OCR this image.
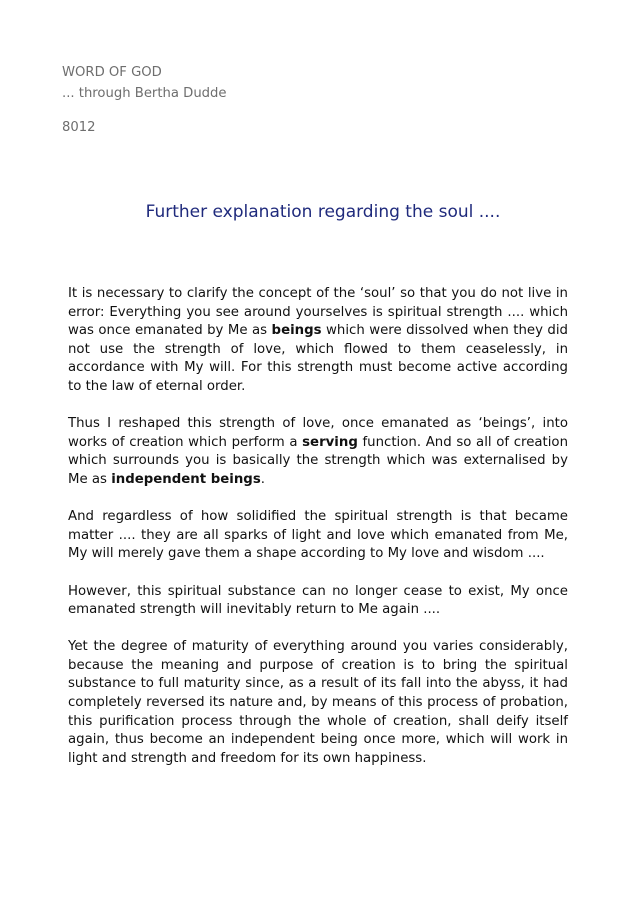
WORD OF GOD
... through Bertha Dudde
8012
Further explanation regarding the soul ....

It is necessary to clarify the concept of the ‘soul’ so that you do not live in error: Everything you see around yourselves is spiritual strength .... which was once emanated by Me as beings which were dissolved when they did not use the strength of love, which flowed to them ceaselessly, in accordance with My will. For this strength must become active according to the law of eternal order.

Thus I reshaped this strength of love, once emanated as ‘beings’, into works of creation which perform a serving function. And so all of creation which surrounds you is basically the strength which was externalised by Me as independent beings.

And regardless of how solidified the spiritual strength is that became matter .... they are all sparks of light and love which emanated from Me, My will merely gave them a shape according to My love and wisdom ....

However, this spiritual substance can no longer cease to exist, My once emanated strength will inevitably return to Me again ....

Yet the degree of maturity of everything around you varies considerably, because the meaning and purpose of creation is to bring the spiritual substance to full maturity since, as a result of its fall into the abyss, it had completely reversed its nature and, by means of this process of probation, this purification process through the whole of creation, shall deify itself again, thus become an independent being once more, which will work in light and strength and freedom for its own happiness.
